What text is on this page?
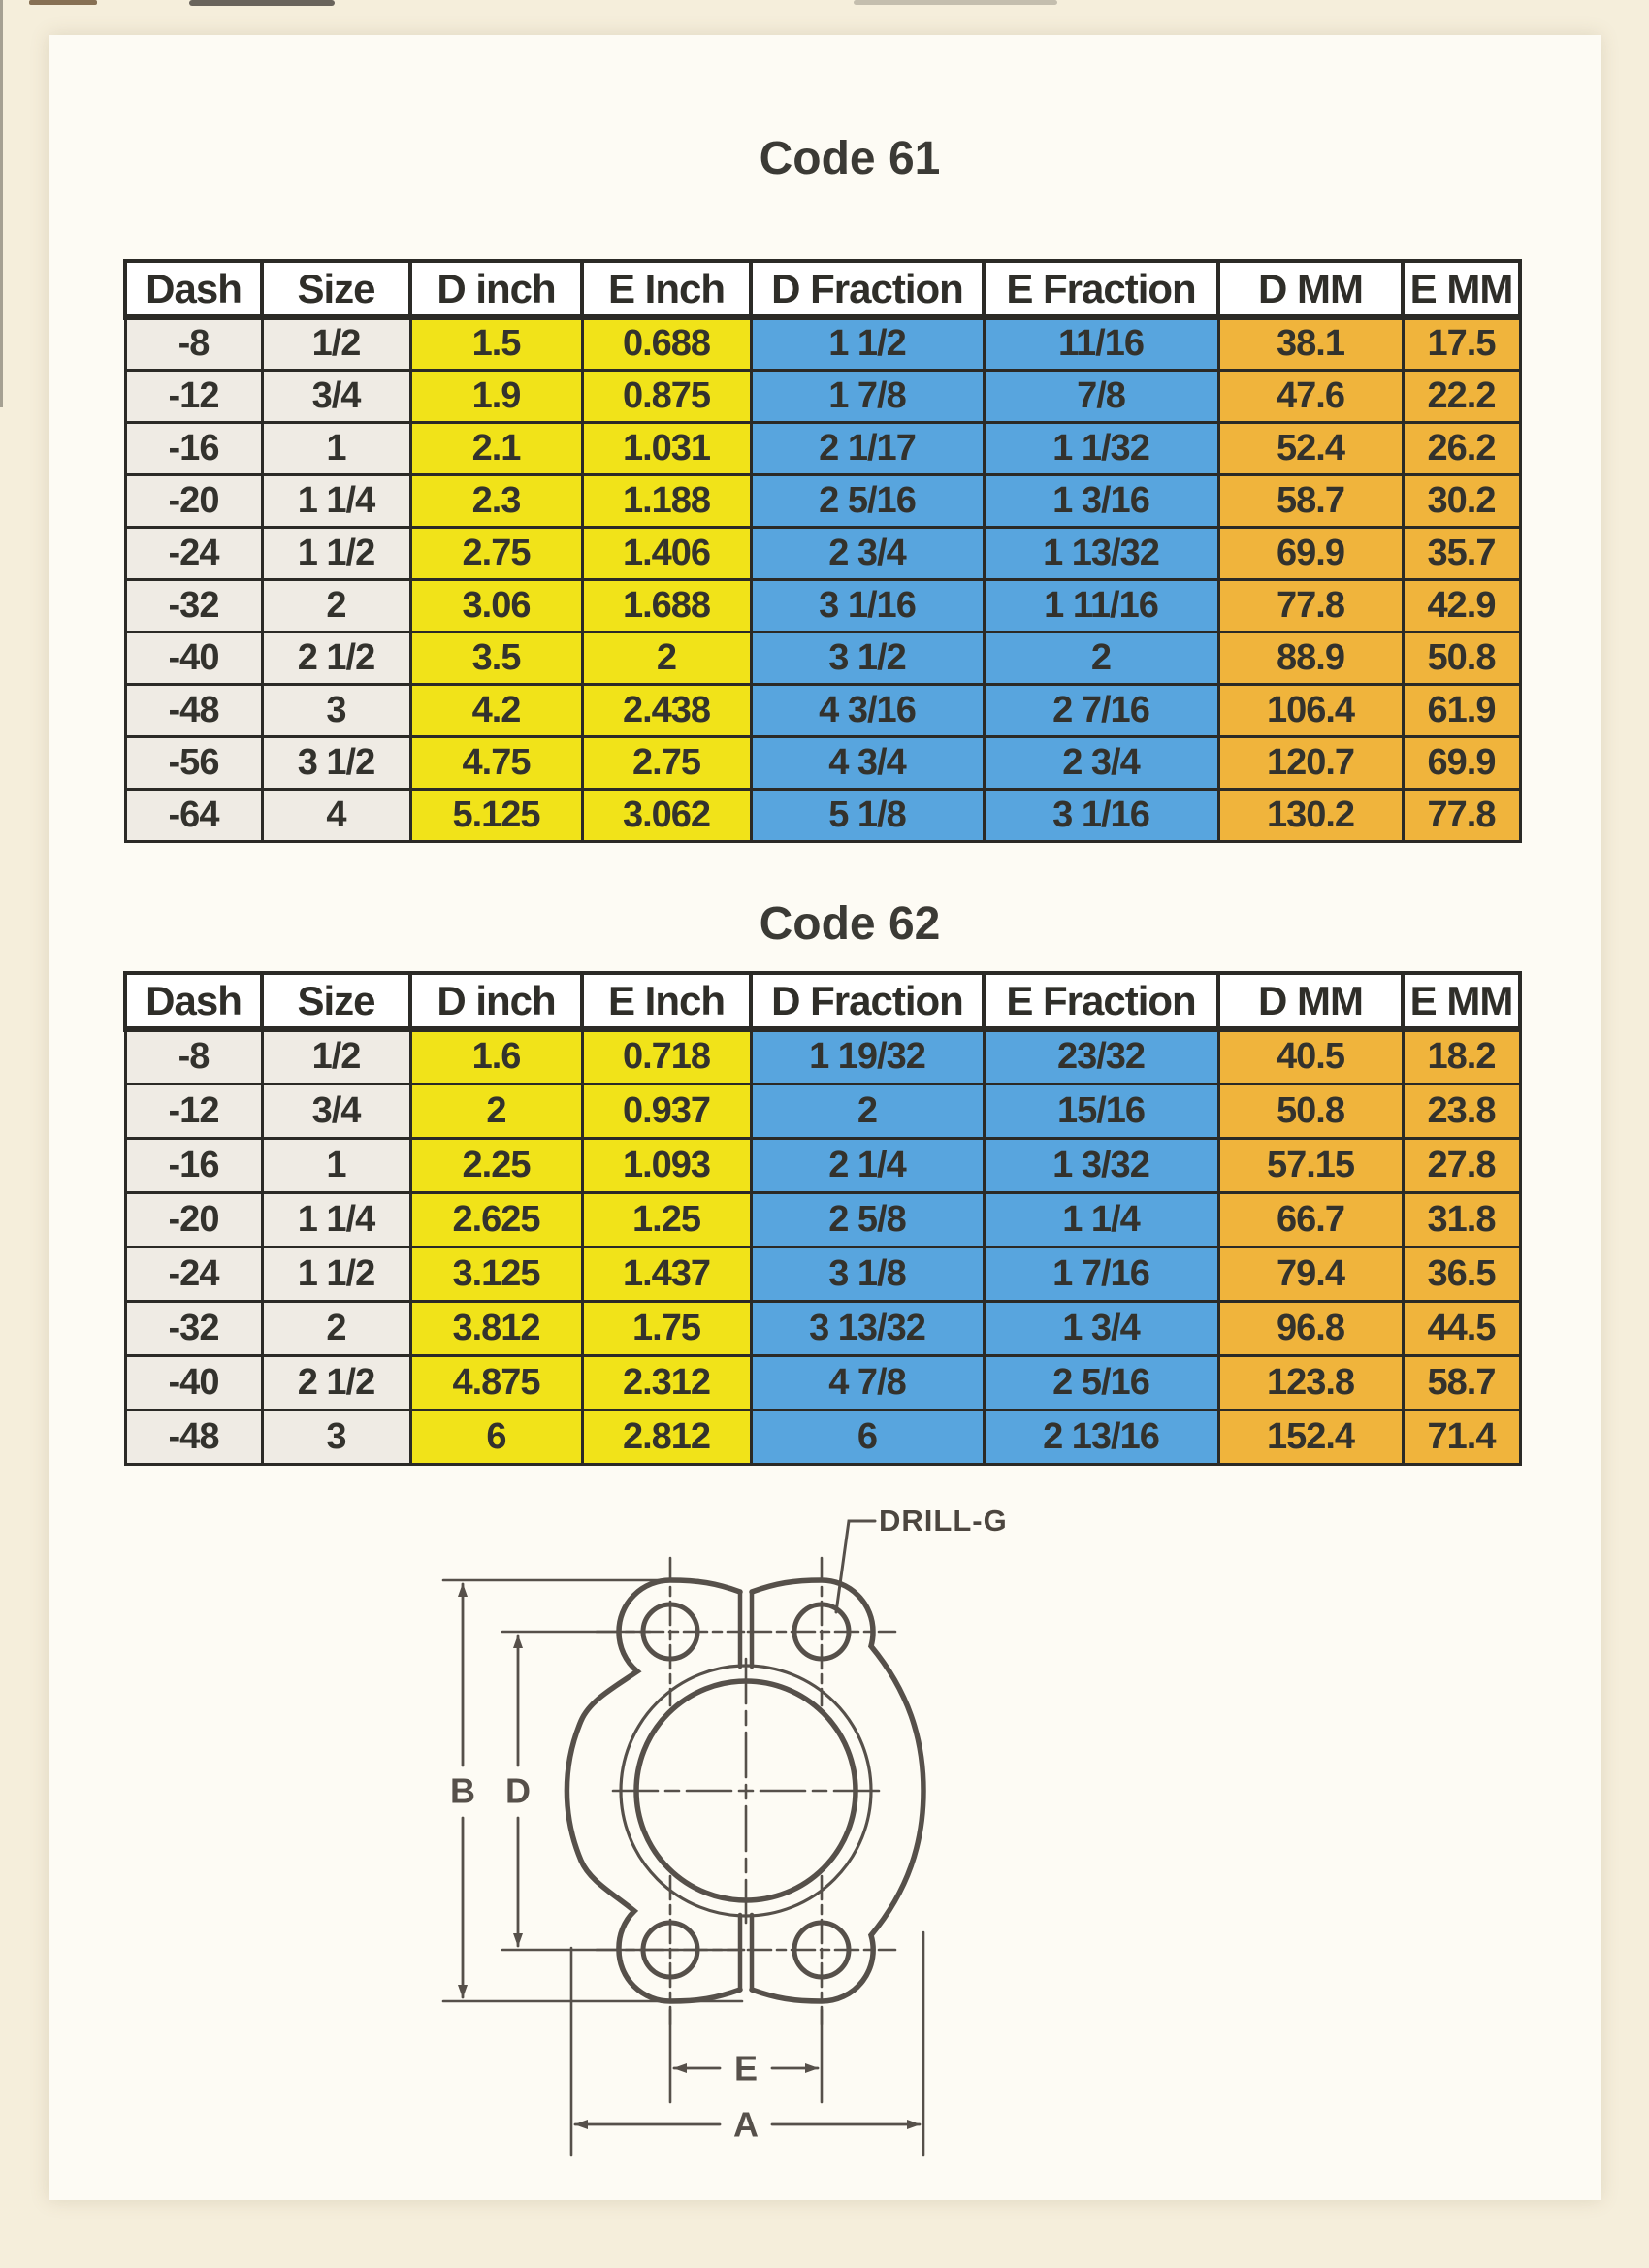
Code 61
Dash	Size	D inch	E Inch	D Fraction	E Fraction	D MM	E MM
-8	1/2	1.5	0.688	1 1/2	11/16	38.1	17.5
-12	3/4	1.9	0.875	1 7/8	7/8	47.6	22.2
-16	1	2.1	1.031	2 1/17	1 1/32	52.4	26.2
-20	1 1/4	2.3	1.188	2 5/16	1 3/16	58.7	30.2
-24	1 1/2	2.75	1.406	2 3/4	1 13/32	69.9	35.7
-32	2	3.06	1.688	3 1/16	1 11/16	77.8	42.9
-40	2 1/2	3.5	2	3 1/2	2	88.9	50.8
-48	3	4.2	2.438	4 3/16	2 7/16	106.4	61.9
-56	3 1/2	4.75	2.75	4 3/4	2 3/4	120.7	69.9
-64	4	5.125	3.062	5 1/8	3 1/16	130.2	77.8
Code 62
Dash	Size	D inch	E Inch	D Fraction	E Fraction	D MM	E MM
-8	1/2	1.6	0.718	1 19/32	23/32	40.5	18.2
-12	3/4	2	0.937	2	15/16	50.8	23.8
-16	1	2.25	1.093	2 1/4	1 3/32	57.15	27.8
-20	1 1/4	2.625	1.25	2 5/8	1 1/4	66.7	31.8
-24	1 1/2	3.125	1.437	3 1/8	1 7/16	79.4	36.5
-32	2	3.812	1.75	3 13/32	1 3/4	96.8	44.5
-40	2 1/2	4.875	2.312	4 7/8	2 5/16	123.8	58.7
-48	3	6	2.812	6	2 13/16	152.4	71.4
B D
E
A
DRILL-G
